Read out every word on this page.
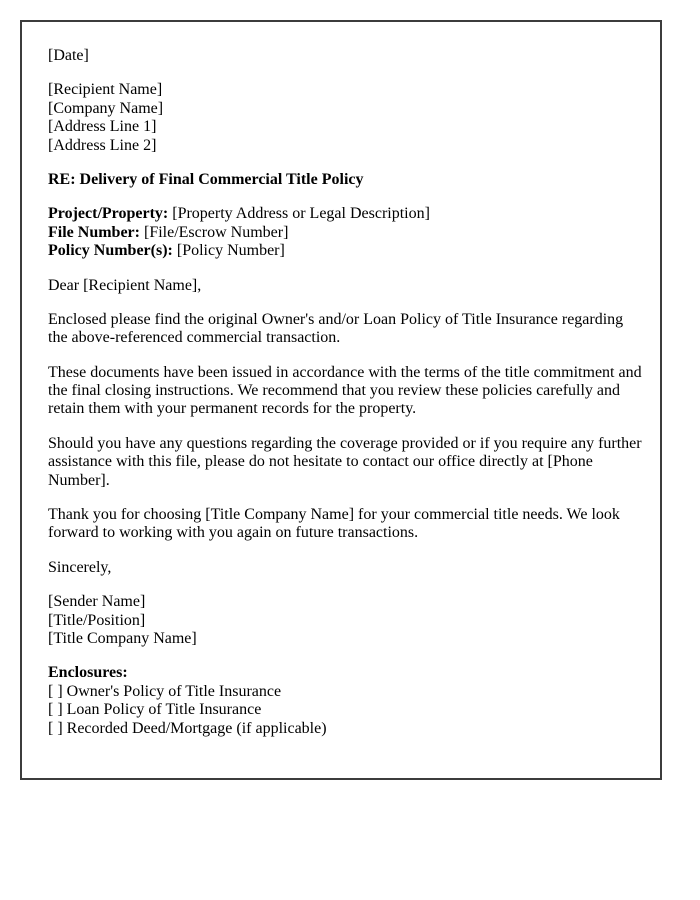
[Date]

[Recipient Name]
[Company Name]
[Address Line 1]
[Address Line 2]

RE: Delivery of Final Commercial Title Policy

Project/Property: [Property Address or Legal Description]
File Number: [File/Escrow Number]
Policy Number(s): [Policy Number]

Dear [Recipient Name],

Enclosed please find the original Owner's and/or Loan Policy of Title Insurance regarding the above-referenced commercial transaction.

These documents have been issued in accordance with the terms of the title commitment and the final closing instructions. We recommend that you review these policies carefully and retain them with your permanent records for the property.

Should you have any questions regarding the coverage provided or if you require any further assistance with this file, please do not hesitate to contact our office directly at [Phone Number].

Thank you for choosing [Title Company Name] for your commercial title needs. We look forward to working with you again on future transactions.

Sincerely,

[Sender Name]
[Title/Position]
[Title Company Name]

Enclosures:
[ ] Owner's Policy of Title Insurance
[ ] Loan Policy of Title Insurance
[ ] Recorded Deed/Mortgage (if applicable)
